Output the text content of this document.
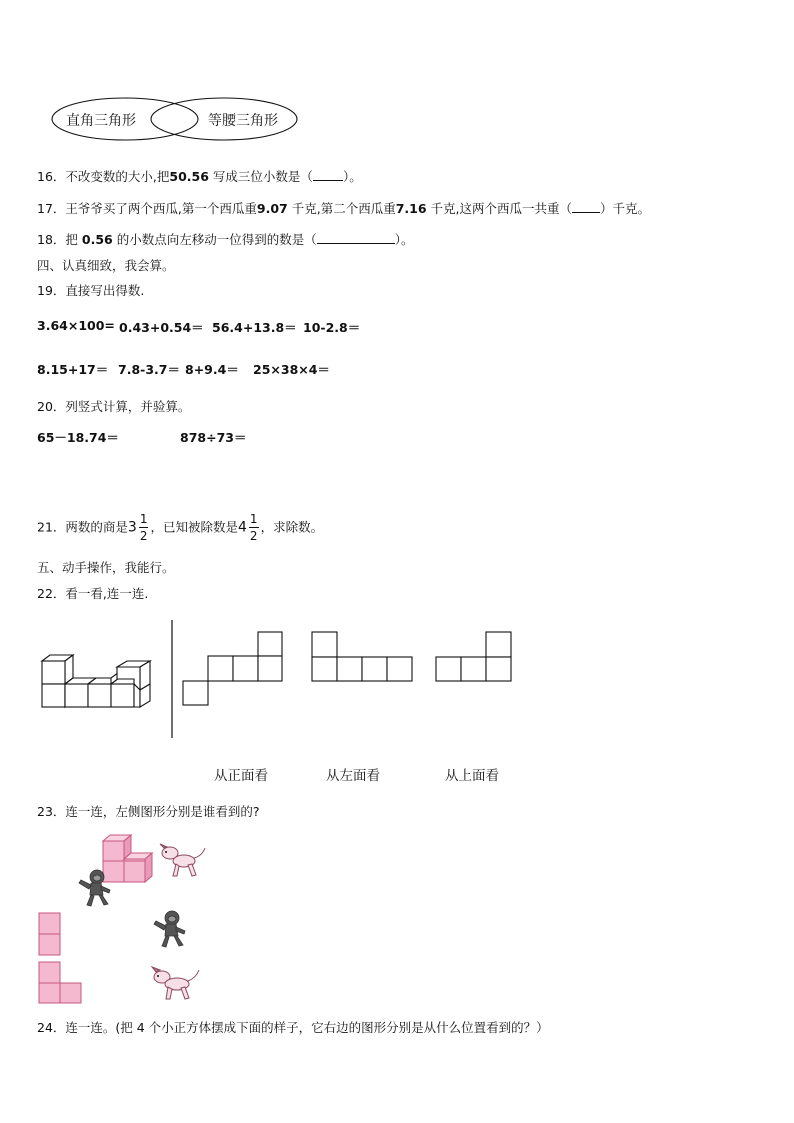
直角三角形	等腰三角形
16．不改变数的大小,把50.56 写成三位小数是（ ）。
17．王爷爷买了两个西瓜,第一个西瓜重9.07 千克,第二个西瓜重7.16 千克,这两个西瓜一共重（ ）千克。
18．把 0.56 的小数点向左移动一位得到的数是（	）。
四、认真细致，我会算。
19．直接写出得数.
3.64×100= 0.43+0.54＝ 56.4+13.8＝ 10-2.8＝
8.15+17＝ 7.8-3.7＝ 8+9.4＝ 25×38×4＝
20．列竖式计算，并验算。
65－18.74＝	878÷73＝
21．两数的商是$3 \frac{1}{2}$ ，已知被除数是$4 \frac{1}{2}$ ，求除数。
五、动手操作，我能行。
22．看一看,连一连.
从正面看	从左面看	从上面看
23．连一连，左侧图形分别是谁看到的?
24．连一连。(把 4 个小正方体摆成下面的样子，它右边的图形分别是从什么位置看到的？）
